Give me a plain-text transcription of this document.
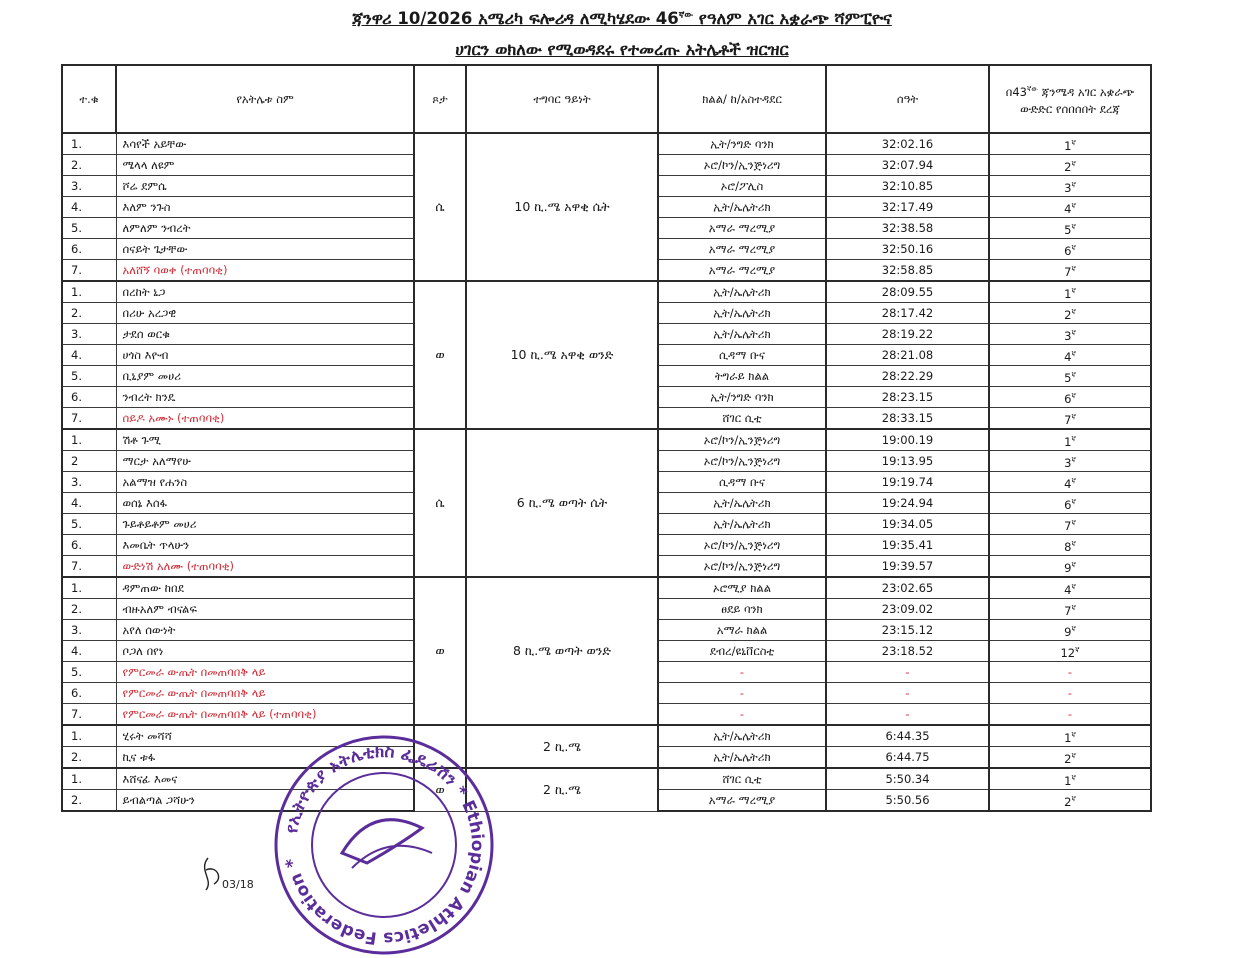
ጃንዋሪ 10/2026 አሜሪካ ፍሎሪዳ ለሚካሄደው $46^{ኛው}$ የዓለም አገር አቋራጭ ሻምፒዮና
ሀገርን ወክለው የሚወዳደሩ የተመረጡ አትሌቶች ዝርዝር
ተ.ቁ	የአትሌቱ ስም	ጾታ	ተግባር ዓይነት	ክልል/ ከ/አስተዳደር	ሰዓት	$በ43^{ኛው}$ ጃንሜዳ አገር አቋራጭ ውድድር የሰበሰበት ደረጃ
1.	እሳየች አይቸው	ሴ	10 ኪ.ሜ አዋቂ ሴት	ኢት/ንግድ ባንክ	32:02.16	$1^ኛ$
2.	ሜላላ ለዩም			ኦሮ/ኮን/ኢንጅነሪግ	32:07.94	$2^ኛ$
3.	ሾሬ ደምሴ			ኦሮ/ፖሊስ	32:10.85	$3^ኛ$
4.	እለም ንጉስ			ኢት/ኤሌትሪክ	32:17.49	$4^ኛ$
5.	ለምለም ንብረት			አማራ ማረሚያ	32:38.58	$5^ኛ$
6.	ሰናይት ጌታቸው			አማራ ማረሚያ	32:50.16	$6^ኛ$
7.	አለሸኝ ባወቀ (ተጠባባቂ)			አማራ ማረሚያ	32:58.85	$7^ኛ$
1.	በረከት ኒጋ	ወ	10 ኪ.ሜ አዋቂ ወንድ	ኢት/ኤሌትሪክ	28:09.55	$1^ኛ$
2.	በሪሁ አረጋዊ			ኢት/ኤሌትሪክ	28:17.42	$2^ኛ$
3.	ታደሰ ወርቁ			ኢት/ኤሌትሪክ	28:19.22	$3^ኛ$
4.	ሀጎስ እዮብ			ሲዳማ ቡና	28:21.08	$4^ኛ$
5.	ቢኒያም መሀሪ			ትግራይ ክልል	28:22.29	$5^ኛ$
6.	ንብረት ክንዴ			ኢት/ንግድ ባንክ	28:23.15	$6^ኛ$
7.	ሰይዶ አሙኑ (ተጠባባቂ)			ሸገር ሲቲ	28:33.15	$7^ኛ$
1.	ሽቶ ጉሚ	ሴ	6 ኪ.ሜ ወጣት ሴት	ኦሮ/ኮን/ኢንጅነሪግ	19:00.19	$1^ኛ$
2	ማርታ አለማየሁ			ኦሮ/ኮን/ኢንጅነሪግ	19:13.95	$3^ኛ$
3.	አልማዝ የሐንስ			ሲዳማ ቡና	19:19.74	$4^ኛ$
4.	ወሰኔ እሰፋ			ኢት/ኤሌትሪክ	19:24.94	$6^ኛ$
5.	ጉይቶይቶም መሀሪ			ኢት/ኤሌትሪክ	19:34.05	$7^ኛ$
6.	እመቤት ጥላሁን			ኦሮ/ኮን/ኢንጅነሪግ	19:35.41	$8^ኛ$
7.	ውድነሽ አለሙ (ተጠባባቂ)			ኦሮ/ኮን/ኢንጅነሪግ	19:39.57	$9^ኛ$
1.	ዳምጠው ከበደ	ወ	8 ኪ.ሜ ወጣት ወንድ	ኦሮሚያ ክልል	23:02.65	$4^ኛ$
2.	ብዙአለም ብናልፍ			ፀደይ ባንክ	23:09.02	$7^ኛ$
3.	አየለ ሰውነት			አማራ ክልል	23:15.12	$9^ኛ$
4.	ቦጋለ በየነ			ደብረ/ዩኒቨርስቲ	23:18.52	$12^ኛ$
5.	የምርመራ ውጤት በመጠባበቅ ላይ			-	-	-
6.	የምርመራ ውጤት በመጠባበቅ ላይ			-	-	-
7.	የምርመራ ውጤት በመጠባበቅ ላይ (ተጠባባቂ)			-	-	-
1.	ሂሩት መሻሻ		2 ኪ.ሜ	ኢት/ኤሌትሪክ	6:44.35	$1^ኛ$
2.	ኪና ቱፋ			ኢት/ኤሌትሪክ	6:44.75	$2^ኛ$
1.	እሸናፊ እመና	ወ	2 ኪ.ሜ	ሸገር ሲቲ	5:50.34	$1^ኛ$
2.	ይብልጣል ጋሻሁን			አማራ ማረሚያ	5:50.56	$2^ኛ$
የኢትዮጵያ አትሌቲክስ ፌዴሬሽን * Ethiopian Athletics Federation *
03/18
